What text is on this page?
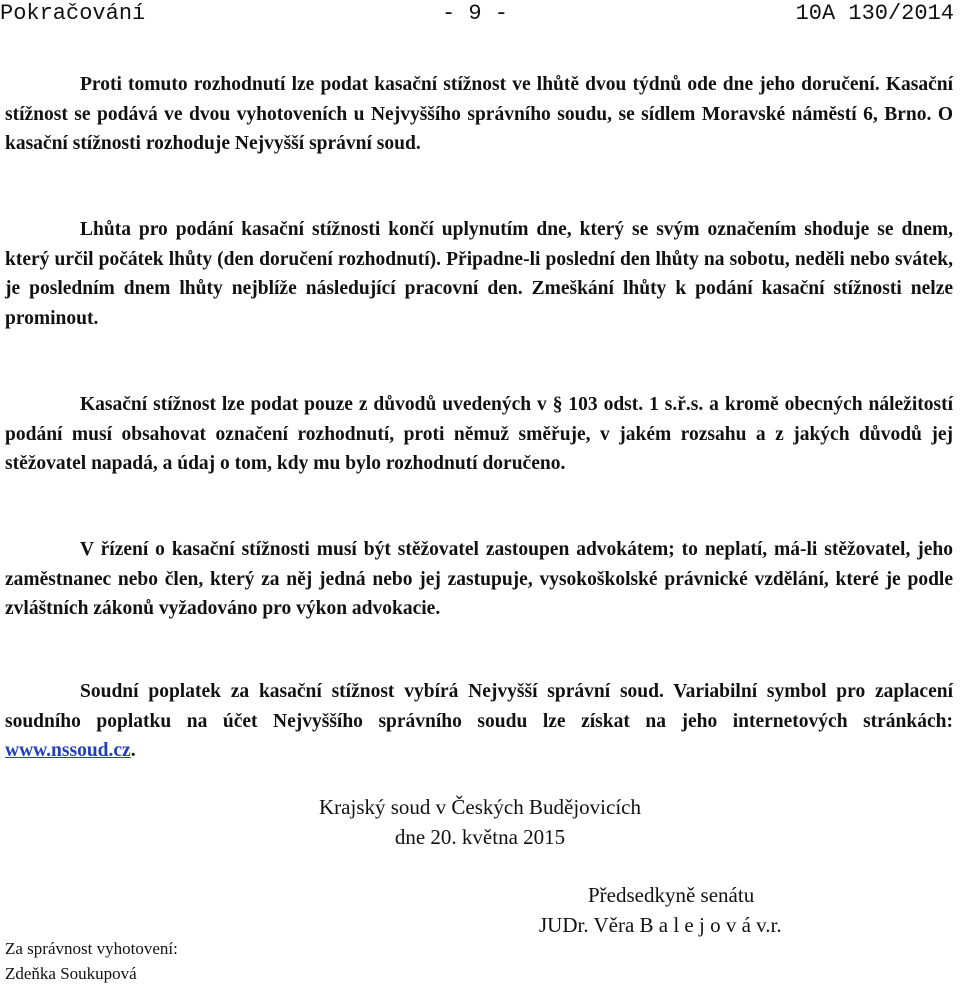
Pokračování	- 9 -	10A 130/2014

Proti tomuto rozhodnutí lze podat kasační stížnost ve lhůtě dvou týdnů ode dne jeho doručení. Kasační stížnost se podává ve dvou vyhotoveních u Nejvyššího správního soudu, se sídlem Moravské náměstí 6, Brno. O kasační stížnosti rozhoduje Nejvyšší správní soud.

Lhůta pro podání kasační stížnosti končí uplynutím dne, který se svým označením shoduje se dnem, který určil počátek lhůty (den doručení rozhodnutí). Připadne-li poslední den lhůty na sobotu, neděli nebo svátek, je posledním dnem lhůty nejblíže následující pracovní den. Zmeškání lhůty k podání kasační stížnosti nelze prominout.

Kasační stížnost lze podat pouze z důvodů uvedených v § 103 odst. 1 s.ř.s. a kromě obecných náležitostí podání musí obsahovat označení rozhodnutí, proti němuž směřuje, v jakém rozsahu a z jakých důvodů jej stěžovatel napadá, a údaj o tom, kdy mu bylo rozhodnutí doručeno.

V řízení o kasační stížnosti musí být stěžovatel zastoupen advokátem; to neplatí, má-li stěžovatel, jeho zaměstnanec nebo člen, který za něj jedná nebo jej zastupuje, vysokoškolské právnické vzdělání, které je podle zvláštních zákonů vyžadováno pro výkon advokacie.

Soudní poplatek za kasační stížnost vybírá Nejvyšší správní soud. Variabilní symbol pro zaplacení soudního poplatku na účet Nejvyššího správního soudu lze získat na jeho internetových stránkách: www.nssoud.cz.

Krajský soud v Českých Budějovicích
dne 20. května 2015
Předsedkyně senátu
JUDr. Věra B a l e j o v á v.r.
Za správnost vyhotovení:
Zdeňka Soukupová
